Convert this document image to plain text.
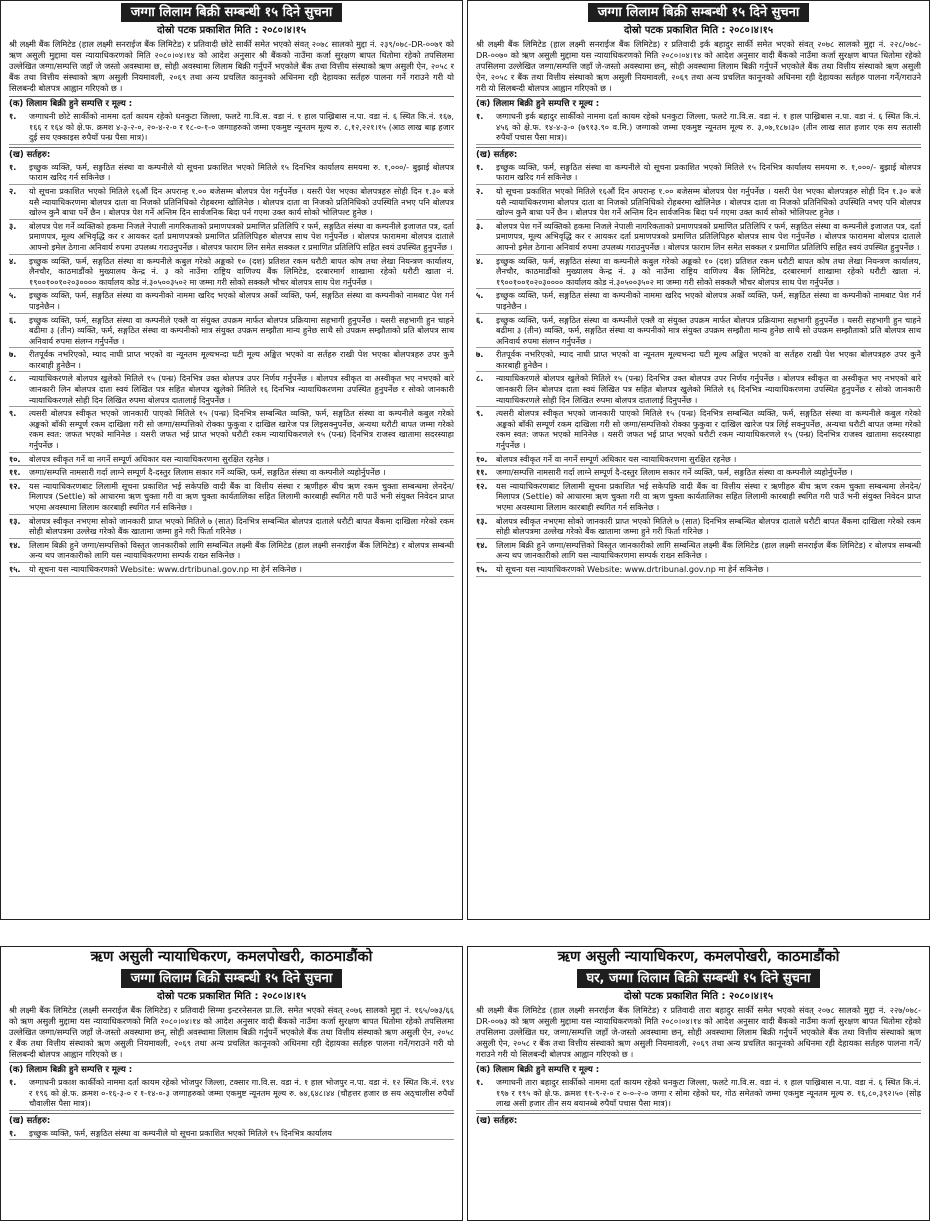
जग्गा लिलाम बिक्री सम्बन्धी १५ दिने सुचना
दोस्रो पटक प्रकाशित मिति : २०८०।४।१५

श्री लक्ष्मी बैंक लिमिटेड (हाल लक्ष्मी सनराईज बैंक लिमिटेड) र प्रतिवादी छोटे सार्की समेत भएको संवत् २०७८ सालको मुद्दा नं. २३९/०७८-DR-००७१ को ऋण असुली मुद्दामा यस न्यायाधिकरणको मिति २०८०।०४।१४ को आदेश अनुसार श्री बैंकको नाउँमा कर्जा सुरक्षण बापत धितोमा रहेको तपसिलमा उल्लेखित जग्गा/सम्पत्ति जहाँ जे जस्तो अवस्थामा छ, सोही अवस्थामा लिलाम बिक्री गर्नुपर्ने भएकोले बैंक तथा वित्तीय संस्थाको ऋण असुली ऐन, २०५८ र बैंक तथा वित्तीय संस्थाको ऋण असुली नियमावली, २०६९ तथा अन्य प्रचलित कानुनको अधिनमा रही देहायका सर्तहरु पालना गर्ने गराउने गरी यो सिलबन्दी बोलपत्र आह्वान गरिएको छ ।

(क) लिलाम बिक्री हुने सम्पत्ति र मूल्य :
१.	जग्गाधनी छोटे सार्कीको नाममा दर्ता कायम रहेको धनकुटा जिल्ला, फलटे गा.वि.स. वडा नं. १ हाल पाख्रिबास न.पा. वडा नं. ६ स्थित कि.नं. १६७, १६६ र १६४ को क्षे.फ. क्रमश ४-३-२-०, २०-४-२-० र १८-०-१-० जग्गाहरुको जम्मा एकमुष्ट न्यूनतम मूल्य रु. ८,१२,२२१।१५ (आठ लाख बाह्र हजार दुई सय एक्काइस रुपैयाँ पन्ध्र पैसा मात्र)।
(ख) सर्तहरु:
१.	इच्छुक व्यक्ति, फर्म, सङ्गठित संस्था वा कम्पनीले यो सूचना प्रकाशित भएको मितिले १५ दिनभित्र कार्यालय समयमा रु. १,०००/- बुझाई बोलपत्र फाराम खरिद गर्न सकिनेछ ।
२.	यो सूचना प्रकाशित भएको मितिले १६औं दिन अपरान्ह १.०० बजेसम्म बोलपत्र पेश गर्नुपर्नेछ । यसरी पेश भएका बोलपत्रहरु सोही दिन १.३० बजे यसै न्यायाधिकरणमा बोलपत्र दाता वा निजको प्रतिनिधिको रोहबरमा खोलिनेछ । बोलपत्र दाता वा निजको प्रतिनिधिको उपस्थिति नभए पनि बोलपत्र खोल्न कुनै बाधा पर्ने छैन । बोलपत्र पेश गर्ने अन्तिम दिन सार्वजनिक बिदा पर्न गएमा उक्त कार्य सोको भोलिपल्ट हुनेछ ।
३.	बोलपत्र पेश गर्ने व्यक्तिको हकमा निजले नेपाली नागरिकताको प्रमाणपत्रको प्रमाणित प्रतिलिपि र फर्म, सङ्गठित संस्था वा कम्पनीले इजाजत पत्र, दर्ता प्रमाणपत्र, मूल्य अभिवृद्धि कर र आयकर दर्ता प्रमाणपत्रको प्रमाणित प्रतिलिपिहरु बोलपत्र साथ पेश गर्नुपर्नेछ । बोलपत्र फाराममा बोलपत्र दाताले आफ्नो इमेल ठेगाना अनिवार्य रुपमा उपलब्ध गराउनुपर्नेछ । बोलपत्र फाराम लिन समेत सक्कल र प्रमाणित प्रतिलिपि सहित स्वयं उपस्थित हुनुपर्नेछ ।
४.	इच्छुक व्यक्ति, फर्म, सङ्गठित संस्था वा कम्पनीले कबुल गरेको अङ्कको १० (दश) प्रतिशत रकम धरौटी बापत कोष तथा लेखा नियन्त्रण कार्यालय, लैनचौर, काठमाडौंको मुख्यालय केन्द्र नं. ३ को नाउँमा राष्ट्रिय वाणिज्य बैंक लिमिटेड, दरबारमार्ग शाखामा रहेको धरौटी खाता नं. १९००१००१०२०३०००० कार्यालय कोड नं.३०५००३५०२ मा जम्मा गरी सोको सक्कलै भौचर बोलपत्र साथ पेश गर्नुपर्नेछ ।
५.	इच्छुक व्यक्ति, फर्म, सङ्गठित संस्था वा कम्पनीको नाममा खरिद भएको बोलपत्र अर्को व्यक्ति, फर्म, सङ्गठित संस्था वा कम्पनीको नामबाट पेश गर्न पाइनेछैन ।
६.	इच्छुक व्यक्ति, फर्म, सङ्गठित संस्था वा कम्पनीले एक्लै वा संयुक्त उपक्रम मार्फत बोलपत्र प्रक्रियामा सहभागी हुनुपर्नेछ । यसरी सहभागी हुन चाहने बढीमा ३ (तीन) व्यक्ति, फर्म, सङ्गठित संस्था वा कम्पनीको मात्र संयुक्त उपक्रम सम्झौता मान्य हुनेछ साथै सो उपक्रम सम्झौताको प्रति बोलपत्र साथ अनिवार्य रुपमा संलग्न गर्नुपर्नेछ ।
७.	रीतपूर्वक नभरिएको, म्याद नाघी प्राप्त भएको वा न्यूनतम मूल्यभन्दा घटी मूल्य अङ्कित भएको वा सर्तहरु राखी पेश भएका बोलपत्रहरु उपर कुनै कारबाही हुनेछैन ।
८.	न्यायाधिकरणले बोलपत्र खुलेको मितिले १५ (पन्ध्र) दिनभित्र उक्त बोलपत्र उपर निर्णय गर्नुपर्नेछ । बोलपत्र स्वीकृत वा अस्वीकृत भए नभएको बारे जानकारी लिन बोलपत्र दाता स्वयं लिखित पत्र सहित बोलपत्र खुलेको मितिले १६ दिनभित्र न्यायाधिकरणमा उपस्थित हुनुपर्नेछ र सोको जानकारी न्यायाधिकरणले सोही दिन लिखित रुपमा बोलपत्र दातालाई दिनुपर्नेछ ।
९.	त्यसरी बोलपत्र स्वीकृत भएको जानकारी पाएको मितिले १५ (पन्ध्र) दिनभित्र सम्बन्धित व्यक्ति, फर्म, सङ्गठित संस्था वा कम्पनीले कबुल गरेको अङ्कको बाँकी सम्पूर्ण रकम दाखिला गरी सो जग्गा/सम्पत्तिको रोक्का फुकुवा र दाखिल खारेज पत्र लिइसक्नुपर्नेछ, अन्यथा धरौटी बापत जम्मा गरेको रकम स्वत: जफत भएको मानिनेछ । यसरी जफत भई प्राप्त भएको धरौटी रकम न्यायाधिकरणले १५ (पन्ध्र) दिनभित्र राजस्व खातामा सदरस्याहा गर्नुपर्नेछ ।
१०.	बोलपत्र स्वीकृत गर्ने वा नगर्ने सम्पूर्ण अधिकार यस न्यायाधिकरणमा सुरक्षित रहनेछ ।
११.	जग्गा/सम्पत्ति नामसारी गर्दा लाग्ने सम्पूर्ण दै-दस्तुर लिलाम सकार गर्ने व्यक्ति, फर्म, सङ्गठित संस्था वा कम्पनीले व्यहोर्नुपर्नेछ ।
१२.	यस न्यायाधिकरणबाट लिलामी सूचना प्रकाशित भई सकेपछि वादी बैंक वा वित्तीय संस्था र ऋणीहरु बीच ऋण रकम चुक्ता सम्बन्धमा लेनदेन/मिलापत्र (Settle) को आधारमा ऋण चुक्ता गरी वा ऋण चुक्ता कार्यतालिका सहित लिलामी कारबाही स्थगित गरी पाउँ भनी संयुक्त निवेदन प्राप्त भएमा अवस्थामा लिलाम कारबाही स्थगित गर्न सकिनेछ ।
१३.	बोलपत्र स्वीकृत नभएमा सोको जानकारी प्राप्त भएको मितिले ७ (सात) दिनभित्र सम्बन्धित बोलपत्र दाताले धरौटी बापत बैंकमा दाखिला गरेको रकम सोही बोलपत्रमा उल्लेख गरेको बैंक खातामा जम्मा हुने गरी फिर्ता गरिनेछ ।
१४.	लिलाम बिक्री हुने जग्गा/सम्पत्तिको विस्तृत जानकारीको लागि सम्बन्धित लक्ष्मी बैंक लिमिटेड (हाल लक्ष्मी सनराईज बैंक लिमिटेड) र बोलपत्र सम्बन्धी अन्य थप जानकारीको लागि यस न्यायाधिकरणमा सम्पर्क राख्न सकिनेछ ।
१५.	यो सूचना यस न्यायाधिकरणको Website: www.drtribunal.gov.np मा हेर्न सकिनेछ ।
जग्गा लिलाम बिक्री सम्बन्धी १५ दिने सुचना
दोस्रो पटक प्रकाशित मिति : २०८०।४।१५

श्री लक्ष्मी बैंक लिमिटेड (हाल लक्ष्मी सनराईज बैंक लिमिटेड) र प्रतिवादी इर्क बहादुर सार्की समेत भएको संवत् २०७८ सालको मुद्दा नं. २२८/०७८-DR-००७० को ऋण असुली मुद्दामा यस न्यायाधिकरणको मिति २०८०।०४।१४ को आदेश अनुसार वादी बैंकको नाउँमा कर्जा सुरक्षण बापत धितोमा रहेको तपसिलमा उल्लेखित जग्गा/सम्पत्ति जहाँ जे-जस्तो अवस्थामा छन्, सोही अवस्थामा लिलाम बिक्री गर्नुपर्ने भएकोले बैंक तथा वित्तीय संस्थाको ऋण असुली ऐन, २०५८ र बैंक तथा वित्तीय संस्थाको ऋण असुली नियमावली, २०६९ तथा अन्य प्रचलित कानूनको अधिनमा रही देहायका सर्तहरु पालना गर्ने/गराउने गरी यो सिलबन्दी बोलपत्र आह्वान गरिएको छ ।

(क) लिलाम बिक्री हुने सम्पत्ति र मूल्य :
१.	जग्गाधनी इर्क बहादुर सार्कीको नाममा दर्ता कायम रहेको धनकुटा जिल्ला, फलटे गा.वि.स. वडा नं. १ हाल पाख्रिबास न.पा. वडा नं. ६ स्थित कि.नं. ४५६ को क्षे.फ. १४-४-३-० (७९१३.९० व.मि.) जग्गाको जम्मा एकमुष्ट न्यूनतम मूल्य रु. ३,०७,१८७।३० (तीन लाख सात हजार एक सय सतासी रुपैयाँ पचास पैसा मात्र)।
(ख) सर्तहरु:
१.	इच्छुक व्यक्ति, फर्म, सङ्गठित संस्था वा कम्पनीले यो सूचना प्रकाशित भएको मितिले १५ दिनभित्र कार्यालय समयमा रु. १,०००/- बुझाई बोलपत्र फाराम खरिद गर्न सकिनेछ ।
२.	यो सूचना प्रकाशित भएको मितिले १६औं दिन अपरान्ह १.०० बजेसम्म बोलपत्र पेश गर्नुपर्नेछ । यसरी पेश भएका बोलपत्रहरु सोही दिन १.३० बजे यसै न्यायाधिकरणमा बोलपत्र दाता वा निजको प्रतिनिधिको रोहबरमा खोलिनेछ । बोलपत्र दाता वा निजको प्रतिनिधिको उपस्थिति नभए पनि बोलपत्र खोल्न कुनै बाधा पर्ने छैन । बोलपत्र पेश गर्ने अन्तिम दिन सार्वजनिक बिदा पर्न गएमा उक्त कार्य सोको भोलिपल्ट हुनेछ ।
३.	बोलपत्र पेश गर्ने व्यक्तिको हकमा निजले नेपाली नागरिकताको प्रमाणपत्रको प्रमाणित प्रतिलिपि र फर्म, सङ्गठित संस्था वा कम्पनीले इजाजत पत्र, दर्ता प्रमाणपत्र, मूल्य अभिवृद्धि कर र आयकर दर्ता प्रमाणपत्रको प्रमाणित प्रतिलिपिहरु बोलपत्र साथ पेश गर्नुपर्नेछ । बोलपत्र फाराममा बोलपत्र दाताले आफ्नो इमेल ठेगाना अनिवार्य रुपमा उपलब्ध गराउनुपर्नेछ । बोलपत्र फाराम लिन समेत सक्कल र प्रमाणित प्रतिलिपि सहित स्वयं उपस्थित हुनुपर्नेछ ।
४.	इच्छुक व्यक्ति, फर्म, सङ्गठित संस्था वा कम्पनीले कबुल गरेको अङ्कको १० (दश) प्रतिशत रकम धरौटी बापत कोष तथा लेखा नियन्त्रण कार्यालय, लैनचौर, काठमाडौंको मुख्यालय केन्द्र नं. ३ को नाउँमा राष्ट्रिय वाणिज्य बैंक लिमिटेड, दरबारमार्ग शाखामा रहेको धरौटी खाता नं. १९००१००१०२०३०००० कार्यालय कोड नं.३०५००३५०२ मा जम्मा गरी सोको सक्कलै भौचर बोलपत्र साथ पेश गर्नुपर्नेछ ।
५.	इच्छुक व्यक्ति, फर्म, सङ्गठित संस्था वा कम्पनीको नाममा खरिद भएको बोलपत्र अर्को व्यक्ति, फर्म, सङ्गठित संस्था वा कम्पनीको नामबाट पेश गर्न पाइनेछैन ।
६.	इच्छुक व्यक्ति, फर्म, सङ्गठित संस्था वा कम्पनीले एक्लै वा संयुक्त उपक्रम मार्फत बोलपत्र प्रक्रियामा सहभागी हुनुपर्नेछ । यसरी सहभागी हुन चाहने बढीमा ३ (तीन) व्यक्ति, फर्म, सङ्गठित संस्था वा कम्पनीको मात्र संयुक्त उपक्रम सम्झौता मान्य हुनेछ साथै सो उपक्रम सम्झौताको प्रति बोलपत्र साथ अनिवार्य रुपमा संलग्न गर्नुपर्नेछ ।
७.	रीतपूर्वक नभरिएको, म्याद नाघी प्राप्त भएको वा न्यूनतम मूल्यभन्दा घटी मूल्य अङ्कित भएको वा सर्तहरु राखी पेश भएका बोलपत्रहरु उपर कुनै कारबाही हुनेछैन ।
८.	न्यायाधिकरणले बोलपत्र खुलेको मितिले १५ (पन्ध्र) दिनभित्र उक्त बोलपत्र उपर निर्णय गर्नुपर्नेछ । बोलपत्र स्वीकृत वा अस्वीकृत भए नभएको बारे जानकारी लिन बोलपत्र दाता स्वयं लिखित पत्र सहित बोलपत्र खुलेको मितिले १६ दिनभित्र न्यायाधिकरणमा उपस्थित हुनुपर्नेछ र सोको जानकारी न्यायाधिकरणले सोही दिन लिखित रुपमा बोलपत्र दातालाई दिनुपर्नेछ ।
९.	त्यसरी बोलपत्र स्वीकृत भएको जानकारी पाएको मितिले १५ (पन्ध्र) दिनभित्र सम्बन्धित व्यक्ति, फर्म, सङ्गठित संस्था वा कम्पनीले कबुल गरेको अङ्कको बाँकी सम्पूर्ण रकम दाखिला गरी सो जग्गा/सम्पत्तिको रोक्का फुकुवा र दाखिल खारेज पत्र लिई सक्नुपर्नेछ, अन्यथा धरौटी बापत जम्मा गरेको रकम स्वत: जफत भएको मानिनेछ । यसरी जफत भई प्राप्त भएको धरौटी रकम न्यायाधिकरणले १५ (पन्ध्र) दिनभित्र राजस्व खातामा सदरस्याहा गर्नुपर्नेछ ।
१०.	बोलपत्र स्वीकृत गर्ने वा नगर्ने सम्पूर्ण अधिकार यस न्यायाधिकरणमा सुरक्षित रहनेछ ।
११.	जग्गा/सम्पत्ति नामसारी गर्दा लाग्ने सम्पूर्ण दै-दस्तुर लिलाम सकार गर्ने व्यक्ति, फर्म, सङ्गठित संस्था वा कम्पनीले व्यहोर्नुपर्नेछ ।
१२.	यस न्यायाधिकरणबाट लिलामी सूचना प्रकाशित भई सकेपछि वादी बैंक वा वित्तीय संस्था र ऋणीहरु बीच ऋण रकम चुक्ता सम्बन्धमा लेनदेन/मिलापत्र (Settle) को आधारमा ऋण चुक्ता गरी वा ऋण चुक्ता कार्यतालिका सहित लिलामी कारबाही स्थगित गरी पाउँ भनी संयुक्त निवेदन प्राप्त भएमा अवस्थामा लिलाम कारबाही स्थगित गर्न सकिनेछ ।
१३.	बोलपत्र स्वीकृत नभएमा सोको जानकारी प्राप्त भएको मितिले ७ (सात) दिनभित्र सम्बन्धित बोलपत्र दाताले धरौटी बापत बैंकमा दाखिला गरेको रकम सोही बोलपत्रमा उल्लेख गरेको बैंक खातामा जम्मा हुने गरी फिर्ता गरिनेछ ।
१४.	लिलाम बिक्री हुने जग्गा/सम्पत्तिको विस्तृत जानकारीको लागि सम्बन्धित लक्ष्मी बैंक लिमिटेड (हाल लक्ष्मी सनराईज बैंक लिमिटेड) र बोलपत्र सम्बन्धी अन्य थप जानकारीको लागि यस न्यायाधिकरणमा सम्पर्क राख्न सकिनेछ ।
१५.	यो सूचना यस न्यायाधिकरणको Website: www.drtribunal.gov.np मा हेर्न सकिनेछ ।
ऋण असुली न्यायाधिकरण, कमलपोखरी, काठमाडौंको
जग्गा लिलाम बिक्री सम्बन्धी १५ दिने सुचना
दोस्रो पटक प्रकाशित मिति : २०८०।४।१५

श्री लक्ष्मी बैंक लिमिटेड (लक्ष्मी सनराईज बैंक लिमिटेड) र प्रतिवादी सिग्मा इन्टरनेसनल प्रा.लि. समेत भएको संवत् २०७६ सालको मुद्दा नं. १६५/०७३/६६ को ऋण असुली मुद्दामा यस न्यायाधिकरणको मिति २०८०।०४।१४ को आदेश अनुसार वादी बैंकको नाउँमा कर्जा सुरक्षण बापत धितोमा रहेको तपसिलमा उल्लेखित जग्गा/सम्पत्ति जहाँ जे-जस्तो अवस्थामा छन्, सोही अवस्थामा लिलाम बिक्री गर्नुपर्ने भएकोले बैंक तथा वित्तीय संस्थाको ऋण असुली ऐन, २०५८ र बैंक तथा वित्तीय संस्थाको ऋण असुली नियमावली, २०६९ तथा अन्य प्रचलित कानूनको अधिनमा रही देहायका सर्तहरु पालना गर्ने/गराउने गरी यो सिलबन्दी बोलपत्र आह्वान गरिएको छ ।

(क) लिलाम बिक्री हुने सम्पत्ति र मूल्य :
१.	जग्गाधनी प्रकाश कार्कीको नाममा दर्ता कायम रहेको भोजपुर जिल्ला, टक्सार गा.वि.स. वडा नं. १ हाल भोजपुर न.पा. वडा नं. १२ स्थित कि.नं. १९४ र १९६ को क्षे.फ. क्रमश ०-१६-३-० र १-१४-०-३ जग्गाहरुको जम्मा एकमुष्ट न्यूनतम मूल्य रु. ७४,६४८।४४ (चौहत्तर हजार छ सय अठ्चालीस रुपैयाँ चौवालीस पैसा मात्र)।
(ख) सर्तहरु:
१.	इच्छुक व्यक्ति, फर्म, सङ्गठित संस्था वा कम्पनीले यो सूचना प्रकाशित भएको मितिले १५ दिनभित्र कार्यालय
ऋण असुली न्यायाधिकरण, कमलपोखरी, काठमाडौंको
घर, जग्गा लिलाम बिक्री सम्बन्धी १५ दिने सुचना
दोस्रो पटक प्रकाशित मिति : २०८०।४।१५

श्री लक्ष्मी बैंक लिमिटेड (हाल लक्ष्मी सनराईज बैंक लिमिटेड) र प्रतिवादी तारा बहादुर सार्की समेत भएको संवत् २०७८ सालको मुद्दा नं. २२७/०७८-DR-००७३ को ऋण असुली मुद्दामा यस न्यायाधिकरणको मिति २०८०।०४।१४ को आदेश अनुसार वादी बैंकको नाउँमा कर्जा सुरक्षण बापत धितोमा रहेको तपसिलमा उल्लेखित घर, जग्गा/सम्पत्ति जहाँ जे-जस्तो अवस्थामा छन्, सोही अवस्थामा लिलाम बिक्री गर्नुपर्ने भएकोले बैंक तथा वित्तीय संस्थाको ऋण असुली ऐन, २०५८ र बैंक तथा वित्तीय संस्थाको ऋण असुली नियमावली, २०६९ तथा अन्य प्रचलित कानूनको अधिनमा रही देहायका सर्तहरु पालना गर्ने/गराउने गरी यो सिलबन्दी बोलपत्र आह्वान गरिएको छ ।

(क) लिलाम बिक्री हुने सम्पत्ति र मूल्य :
१.	जग्गाधनी तारा बहादुर सार्कीको नाममा दर्ता कायम रहेको धनकुटा जिल्ला, फलटे गा.वि.स. वडा नं. १ हाल पाख्रिबास न.पा. वडा नं. ६ स्थित कि.नं. १९७ र १९५ को क्षे.फ. क्रमश ११-९-२-० र ०-०-२-० जग्गा र सोमा रहेको घर, गोठ समेतको जम्मा एकमुष्ट न्यूनतम मूल्य रु. १६,८०,३९२।५० (सोह्र लाख असी हजार तीन सय बयानब्बे रुपैयाँ पचास पैसा मात्र)।
(ख) सर्तहरु:
